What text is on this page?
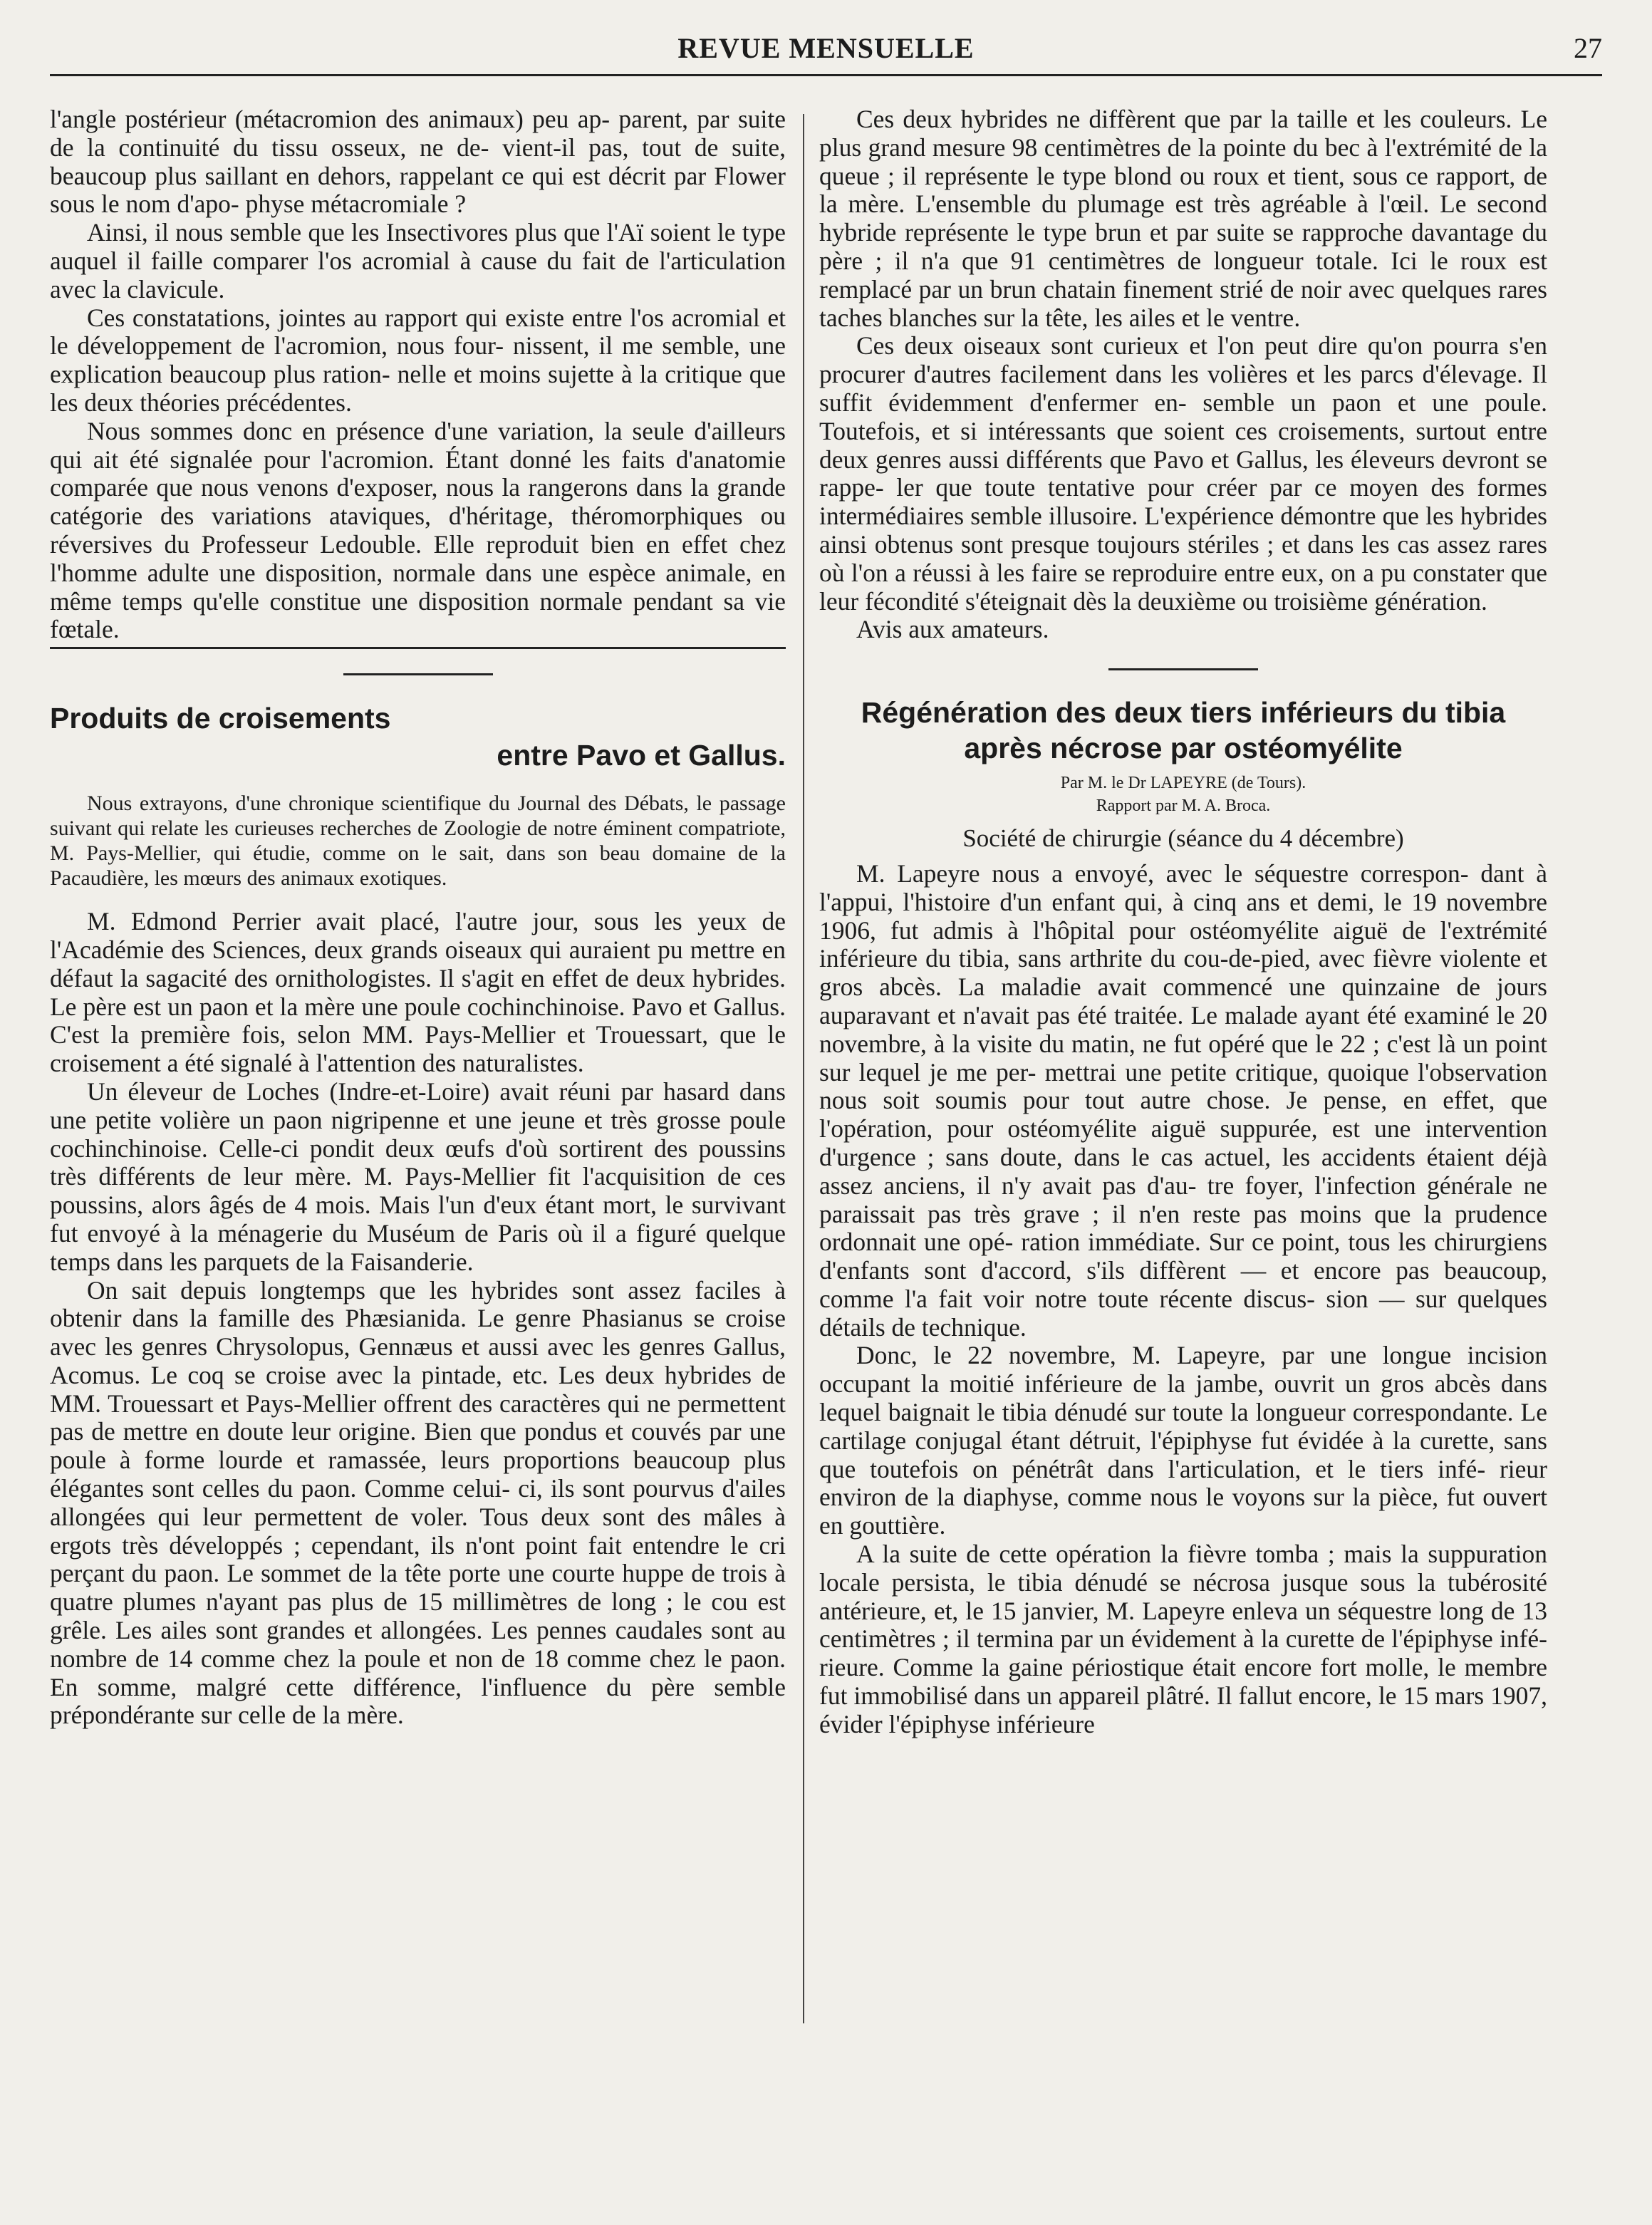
REVUE MENSUELLE	27

l'angle postérieur (métacromion des animaux) peu ap- parent, par suite de la continuité du tissu osseux, ne de- vient-il pas, tout de suite, beaucoup plus saillant en dehors, rappelant ce qui est décrit par Flower sous le nom d'apo- physe métacromiale ?

Ainsi, il nous semble que les Insectivores plus que l'Aï soient le type auquel il faille comparer l'os acromial à cause du fait de l'articulation avec la clavicule.

Ces constatations, jointes au rapport qui existe entre l'os acromial et le développement de l'acromion, nous four- nissent, il me semble, une explication beaucoup plus ration- nelle et moins sujette à la critique que les deux théories précédentes.

Nous sommes donc en présence d'une variation, la seule d'ailleurs qui ait été signalée pour l'acromion. Étant donné les faits d'anatomie comparée que nous venons d'exposer, nous la rangerons dans la grande catégorie des variations ataviques, d'héritage, théromorphiques ou réversives du Professeur Ledouble. Elle reproduit bien en effet chez l'homme adulte une disposition, normale dans une espèce animale, en même temps qu'elle constitue une disposition normale pendant sa vie fœtale.

Produits de croisements
entre Pavo et Gallus.

Nous extrayons, d'une chronique scientifique du Journal des Débats, le passage suivant qui relate les curieuses recherches de Zoologie de notre éminent compatriote, M. Pays-Mellier, qui étudie, comme on le sait, dans son beau domaine de la Pacaudière, les mœurs des animaux exotiques.

M. Edmond Perrier avait placé, l'autre jour, sous les yeux de l'Académie des Sciences, deux grands oiseaux qui auraient pu mettre en défaut la sagacité des ornithologistes. Il s'agit en effet de deux hybrides. Le père est un paon et la mère une poule cochinchinoise. Pavo et Gallus. C'est la première fois, selon MM. Pays-Mellier et Trouessart, que le croisement a été signalé à l'attention des naturalistes.

Un éleveur de Loches (Indre-et-Loire) avait réuni par hasard dans une petite volière un paon nigripenne et une jeune et très grosse poule cochinchinoise. Celle-ci pondit deux œufs d'où sortirent des poussins très différents de leur mère. M. Pays-Mellier fit l'acquisition de ces poussins, alors âgés de 4 mois. Mais l'un d'eux étant mort, le survivant fut envoyé à la ménagerie du Muséum de Paris où il a figuré quelque temps dans les parquets de la Faisanderie.

On sait depuis longtemps que les hybrides sont assez faciles à obtenir dans la famille des Phæsianida. Le genre Phasianus se croise avec les genres Chrysolopus, Gennæus et aussi avec les genres Gallus, Acomus. Le coq se croise avec la pintade, etc. Les deux hybrides de MM. Trouessart et Pays-Mellier offrent des caractères qui ne permettent pas de mettre en doute leur origine. Bien que pondus et couvés par une poule à forme lourde et ramassée, leurs proportions beaucoup plus élégantes sont celles du paon. Comme celui- ci, ils sont pourvus d'ailes allongées qui leur permettent de voler. Tous deux sont des mâles à ergots très développés ; cependant, ils n'ont point fait entendre le cri perçant du paon. Le sommet de la tête porte une courte huppe de trois à quatre plumes n'ayant pas plus de 15 millimètres de long ; le cou est grêle. Les ailes sont grandes et allongées. Les pennes caudales sont au nombre de 14 comme chez la poule et non de 18 comme chez le paon. En somme, malgré cette différence, l'influence du père semble prépondérante sur celle de la mère.

Ces deux hybrides ne diffèrent que par la taille et les couleurs. Le plus grand mesure 98 centimètres de la pointe du bec à l'extrémité de la queue ; il représente le type blond ou roux et tient, sous ce rapport, de la mère. L'ensemble du plumage est très agréable à l'œil. Le second hybride représente le type brun et par suite se rapproche davantage du père ; il n'a que 91 centimètres de longueur totale. Ici le roux est remplacé par un brun chatain finement strié de noir avec quelques rares taches blanches sur la tête, les ailes et le ventre.

Ces deux oiseaux sont curieux et l'on peut dire qu'on pourra s'en procurer d'autres facilement dans les volières et les parcs d'élevage. Il suffit évidemment d'enfermer en- semble un paon et une poule. Toutefois, et si intéressants que soient ces croisements, surtout entre deux genres aussi différents que Pavo et Gallus, les éleveurs devront se rappe- ler que toute tentative pour créer par ce moyen des formes intermédiaires semble illusoire. L'expérience démontre que les hybrides ainsi obtenus sont presque toujours stériles ; et dans les cas assez rares où l'on a réussi à les faire se reproduire entre eux, on a pu constater que leur fécondité s'éteignait dès la deuxième ou troisième génération.

Avis aux amateurs.

Régénération des deux tiers inférieurs du tibia après nécrose par ostéomyélite
Par M. le Dr LAPEYRE (de Tours).
Rapport par M. A. Broca.
Société de chirurgie (séance du 4 décembre)

M. Lapeyre nous a envoyé, avec le séquestre correspon- dant à l'appui, l'histoire d'un enfant qui, à cinq ans et demi, le 19 novembre 1906, fut admis à l'hôpital pour ostéomyélite aiguë de l'extrémité inférieure du tibia, sans arthrite du cou-de-pied, avec fièvre violente et gros abcès. La maladie avait commencé une quinzaine de jours auparavant et n'avait pas été traitée. Le malade ayant été examiné le 20 novembre, à la visite du matin, ne fut opéré que le 22 ; c'est là un point sur lequel je me per- mettrai une petite critique, quoique l'observation nous soit soumis pour tout autre chose. Je pense, en effet, que l'opération, pour ostéomyélite aiguë suppurée, est une intervention d'urgence ; sans doute, dans le cas actuel, les accidents étaient déjà assez anciens, il n'y avait pas d'au- tre foyer, l'infection générale ne paraissait pas très grave ; il n'en reste pas moins que la prudence ordonnait une opé- ration immédiate. Sur ce point, tous les chirurgiens d'enfants sont d'accord, s'ils diffèrent — et encore pas beaucoup, comme l'a fait voir notre toute récente discus- sion — sur quelques détails de technique.

Donc, le 22 novembre, M. Lapeyre, par une longue incision occupant la moitié inférieure de la jambe, ouvrit un gros abcès dans lequel baignait le tibia dénudé sur toute la longueur correspondante. Le cartilage conjugal étant détruit, l'épiphyse fut évidée à la curette, sans que toutefois on pénétrât dans l'articulation, et le tiers infé- rieur environ de la diaphyse, comme nous le voyons sur la pièce, fut ouvert en gouttière.

A la suite de cette opération la fièvre tomba ; mais la suppuration locale persista, le tibia dénudé se nécrosa jusque sous la tubérosité antérieure, et, le 15 janvier, M. Lapeyre enleva un séquestre long de 13 centimètres ; il termina par un évidement à la curette de l'épiphyse infé- rieure. Comme la gaine périostique était encore fort molle, le membre fut immobilisé dans un appareil plâtré. Il fallut encore, le 15 mars 1907, évider l'épiphyse inférieure
